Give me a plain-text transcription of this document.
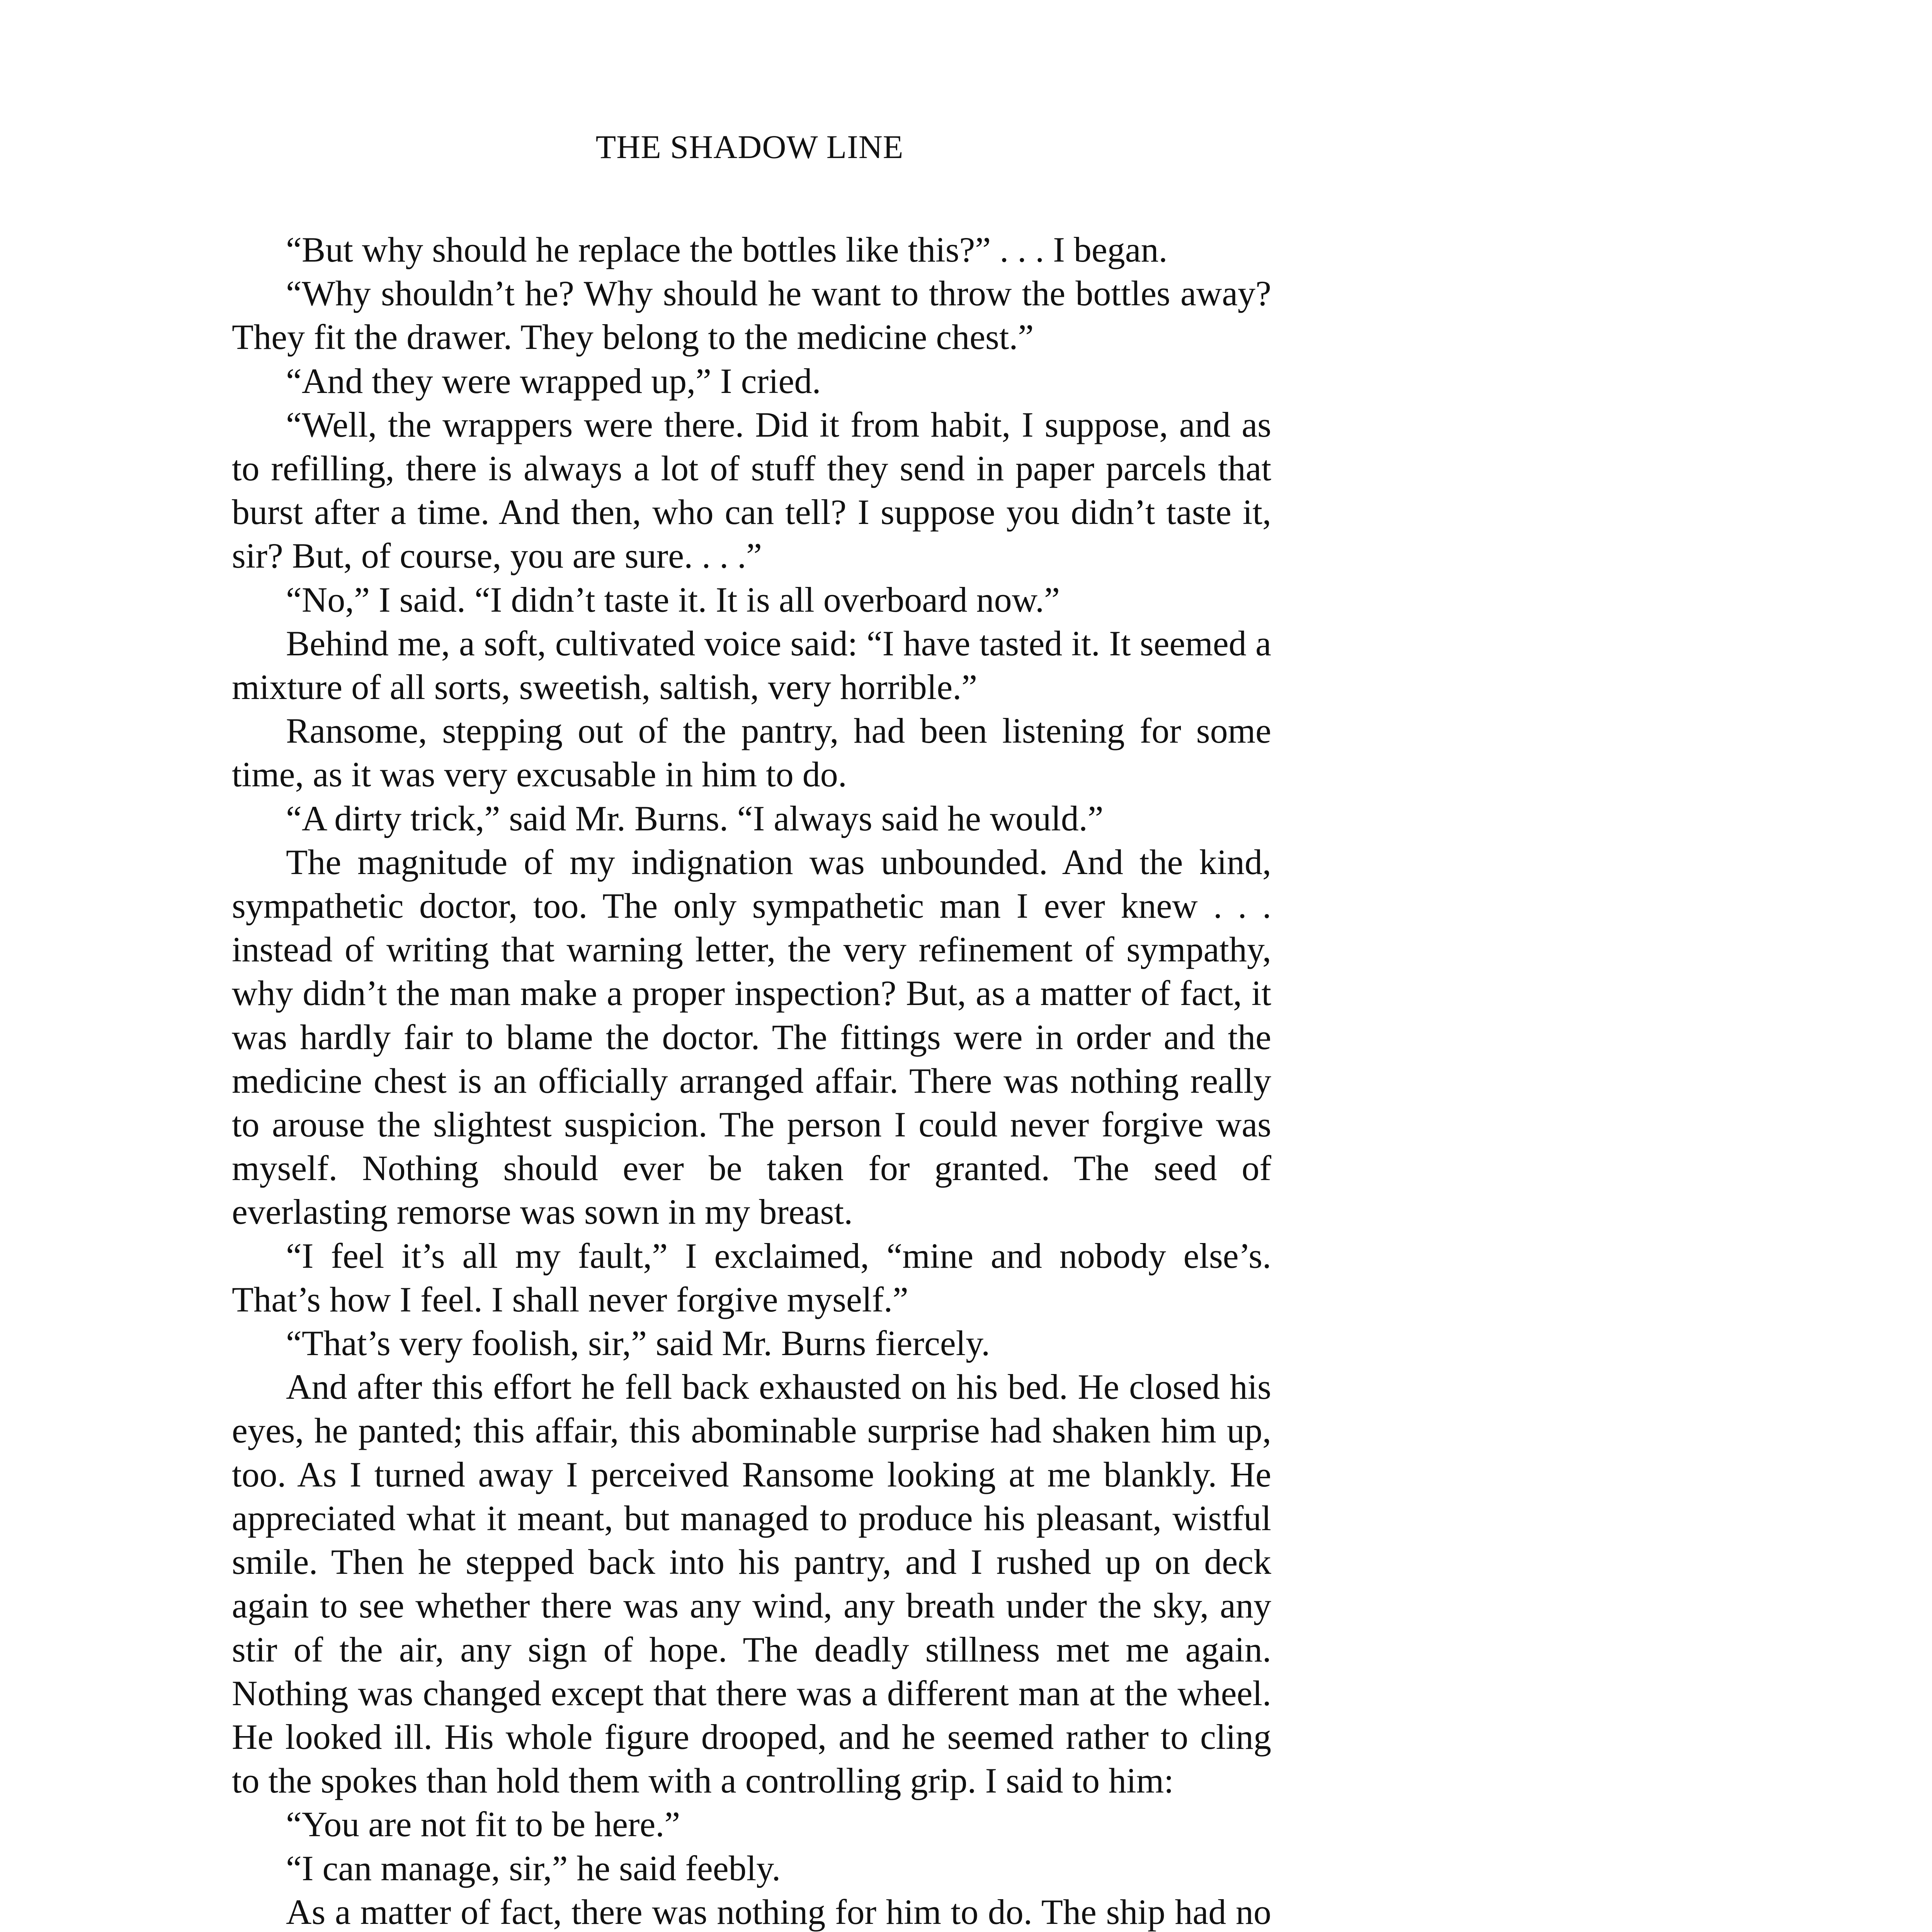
THE SHADOW LINE

“But why should he replace the bottles like this?” . . . I began.

“Why shouldn’t he? Why should he want to throw the bottles away? They fit the drawer. They belong to the medicine chest.”

“And they were wrapped up,” I cried.

“Well, the wrappers were there. Did it from habit, I suppose, and as to refilling, there is always a lot of stuff they send in paper parcels that burst after a time. And then, who can tell? I suppose you didn’t taste it, sir? But, of course, you are sure. . . .”

“No,” I said. “I didn’t taste it. It is all overboard now.”

Behind me, a soft, cultivated voice said: “I have tasted it. It seemed a mixture of all sorts, sweetish, saltish, very horrible.”

Ransome, stepping out of the pantry, had been listening for some time, as it was very excusable in him to do.

“A dirty trick,” said Mr. Burns. “I always said he would.”

The magnitude of my indignation was unbounded. And the kind, sympathetic doctor, too. The only sympathetic man I ever knew . . . instead of writing that warning letter, the very refinement of sympathy, why didn’t the man make a proper inspection? But, as a matter of fact, it was hardly fair to blame the doctor. The fittings were in order and the medicine chest is an officially arranged affair. There was nothing really to arouse the slightest suspicion. The person I could never forgive was myself. Nothing should ever be taken for granted. The seed of everlasting remorse was sown in my breast.

“I feel it’s all my fault,” I exclaimed, “mine and nobody else’s. That’s how I feel. I shall never forgive myself.”

“That’s very foolish, sir,” said Mr. Burns fiercely.

And after this effort he fell back exhausted on his bed. He closed his eyes, he panted; this affair, this abominable surprise had shaken him up, too. As I turned away I perceived Ransome looking at me blankly. He appreciated what it meant, but managed to produce his pleasant, wistful smile. Then he stepped back into his pantry, and I rushed up on deck again to see whether there was any wind, any breath under the sky, any stir of the air, any sign of hope. The deadly stillness met me again. Nothing was changed except that there was a different man at the wheel. He looked ill. His whole figure drooped, and he seemed rather to cling to the spokes than hold them with a controlling grip. I said to him:

“You are not fit to be here.”

“I can manage, sir,” he said feebly.

As a matter of fact, there was nothing for him to do. The ship had no
